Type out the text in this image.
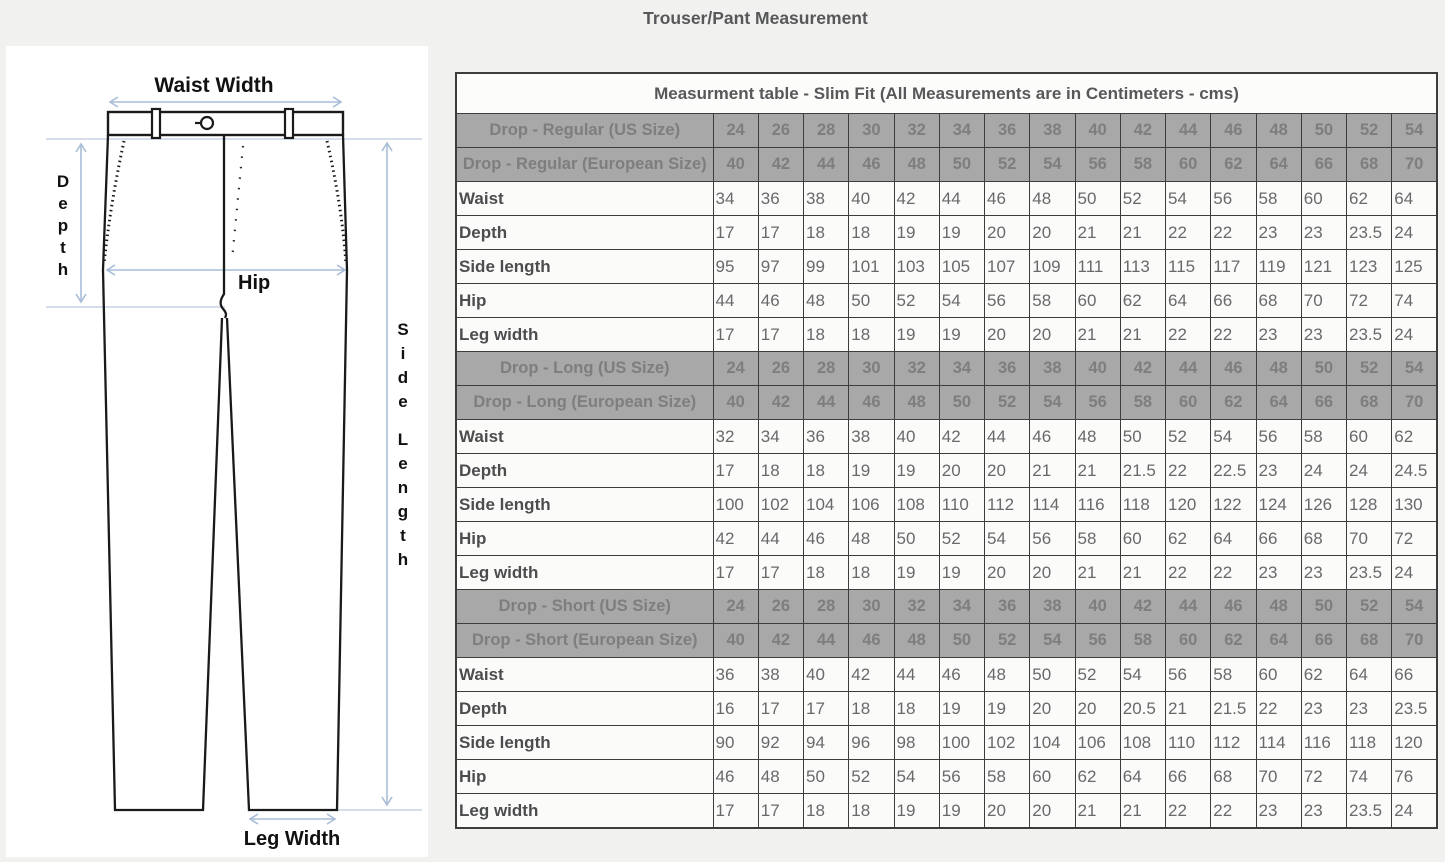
Trouser/Pant Measurement
Waist Width
Hip
Leg Width
D e p t h
S i d e L e n g t h
Measurment table - Slim Fit (All Measurements are in Centimeters - cms)																
Drop - Regular (US Size)	24	26	28	30	32	34	36	38	40	42	44	46	48	50	52	54
Drop - Regular (European Size)	40	42	44	46	48	50	52	54	56	58	60	62	64	66	68	70
Waist	34	36	38	40	42	44	46	48	50	52	54	56	58	60	62	64
Depth	17	17	18	18	19	19	20	20	21	21	22	22	23	23	23.5	24
Side length	95	97	99	101	103	105	107	109	111	113	115	117	119	121	123	125
Hip	44	46	48	50	52	54	56	58	60	62	64	66	68	70	72	74
Leg width	17	17	18	18	19	19	20	20	21	21	22	22	23	23	23.5	24
Drop - Long (US Size)	24	26	28	30	32	34	36	38	40	42	44	46	48	50	52	54
Drop - Long (European Size)	40	42	44	46	48	50	52	54	56	58	60	62	64	66	68	70
Waist	32	34	36	38	40	42	44	46	48	50	52	54	56	58	60	62
Depth	17	18	18	19	19	20	20	21	21	21.5	22	22.5	23	24	24	24.5
Side length	100	102	104	106	108	110	112	114	116	118	120	122	124	126	128	130
Hip	42	44	46	48	50	52	54	56	58	60	62	64	66	68	70	72
Leg width	17	17	18	18	19	19	20	20	21	21	22	22	23	23	23.5	24
Drop - Short (US Size)	24	26	28	30	32	34	36	38	40	42	44	46	48	50	52	54
Drop - Short (European Size)	40	42	44	46	48	50	52	54	56	58	60	62	64	66	68	70
Waist	36	38	40	42	44	46	48	50	52	54	56	58	60	62	64	66
Depth	16	17	17	18	18	19	19	20	20	20.5	21	21.5	22	23	23	23.5
Side length	90	92	94	96	98	100	102	104	106	108	110	112	114	116	118	120
Hip	46	48	50	52	54	56	58	60	62	64	66	68	70	72	74	76
Leg width	17	17	18	18	19	19	20	20	21	21	22	22	23	23	23.5	24
